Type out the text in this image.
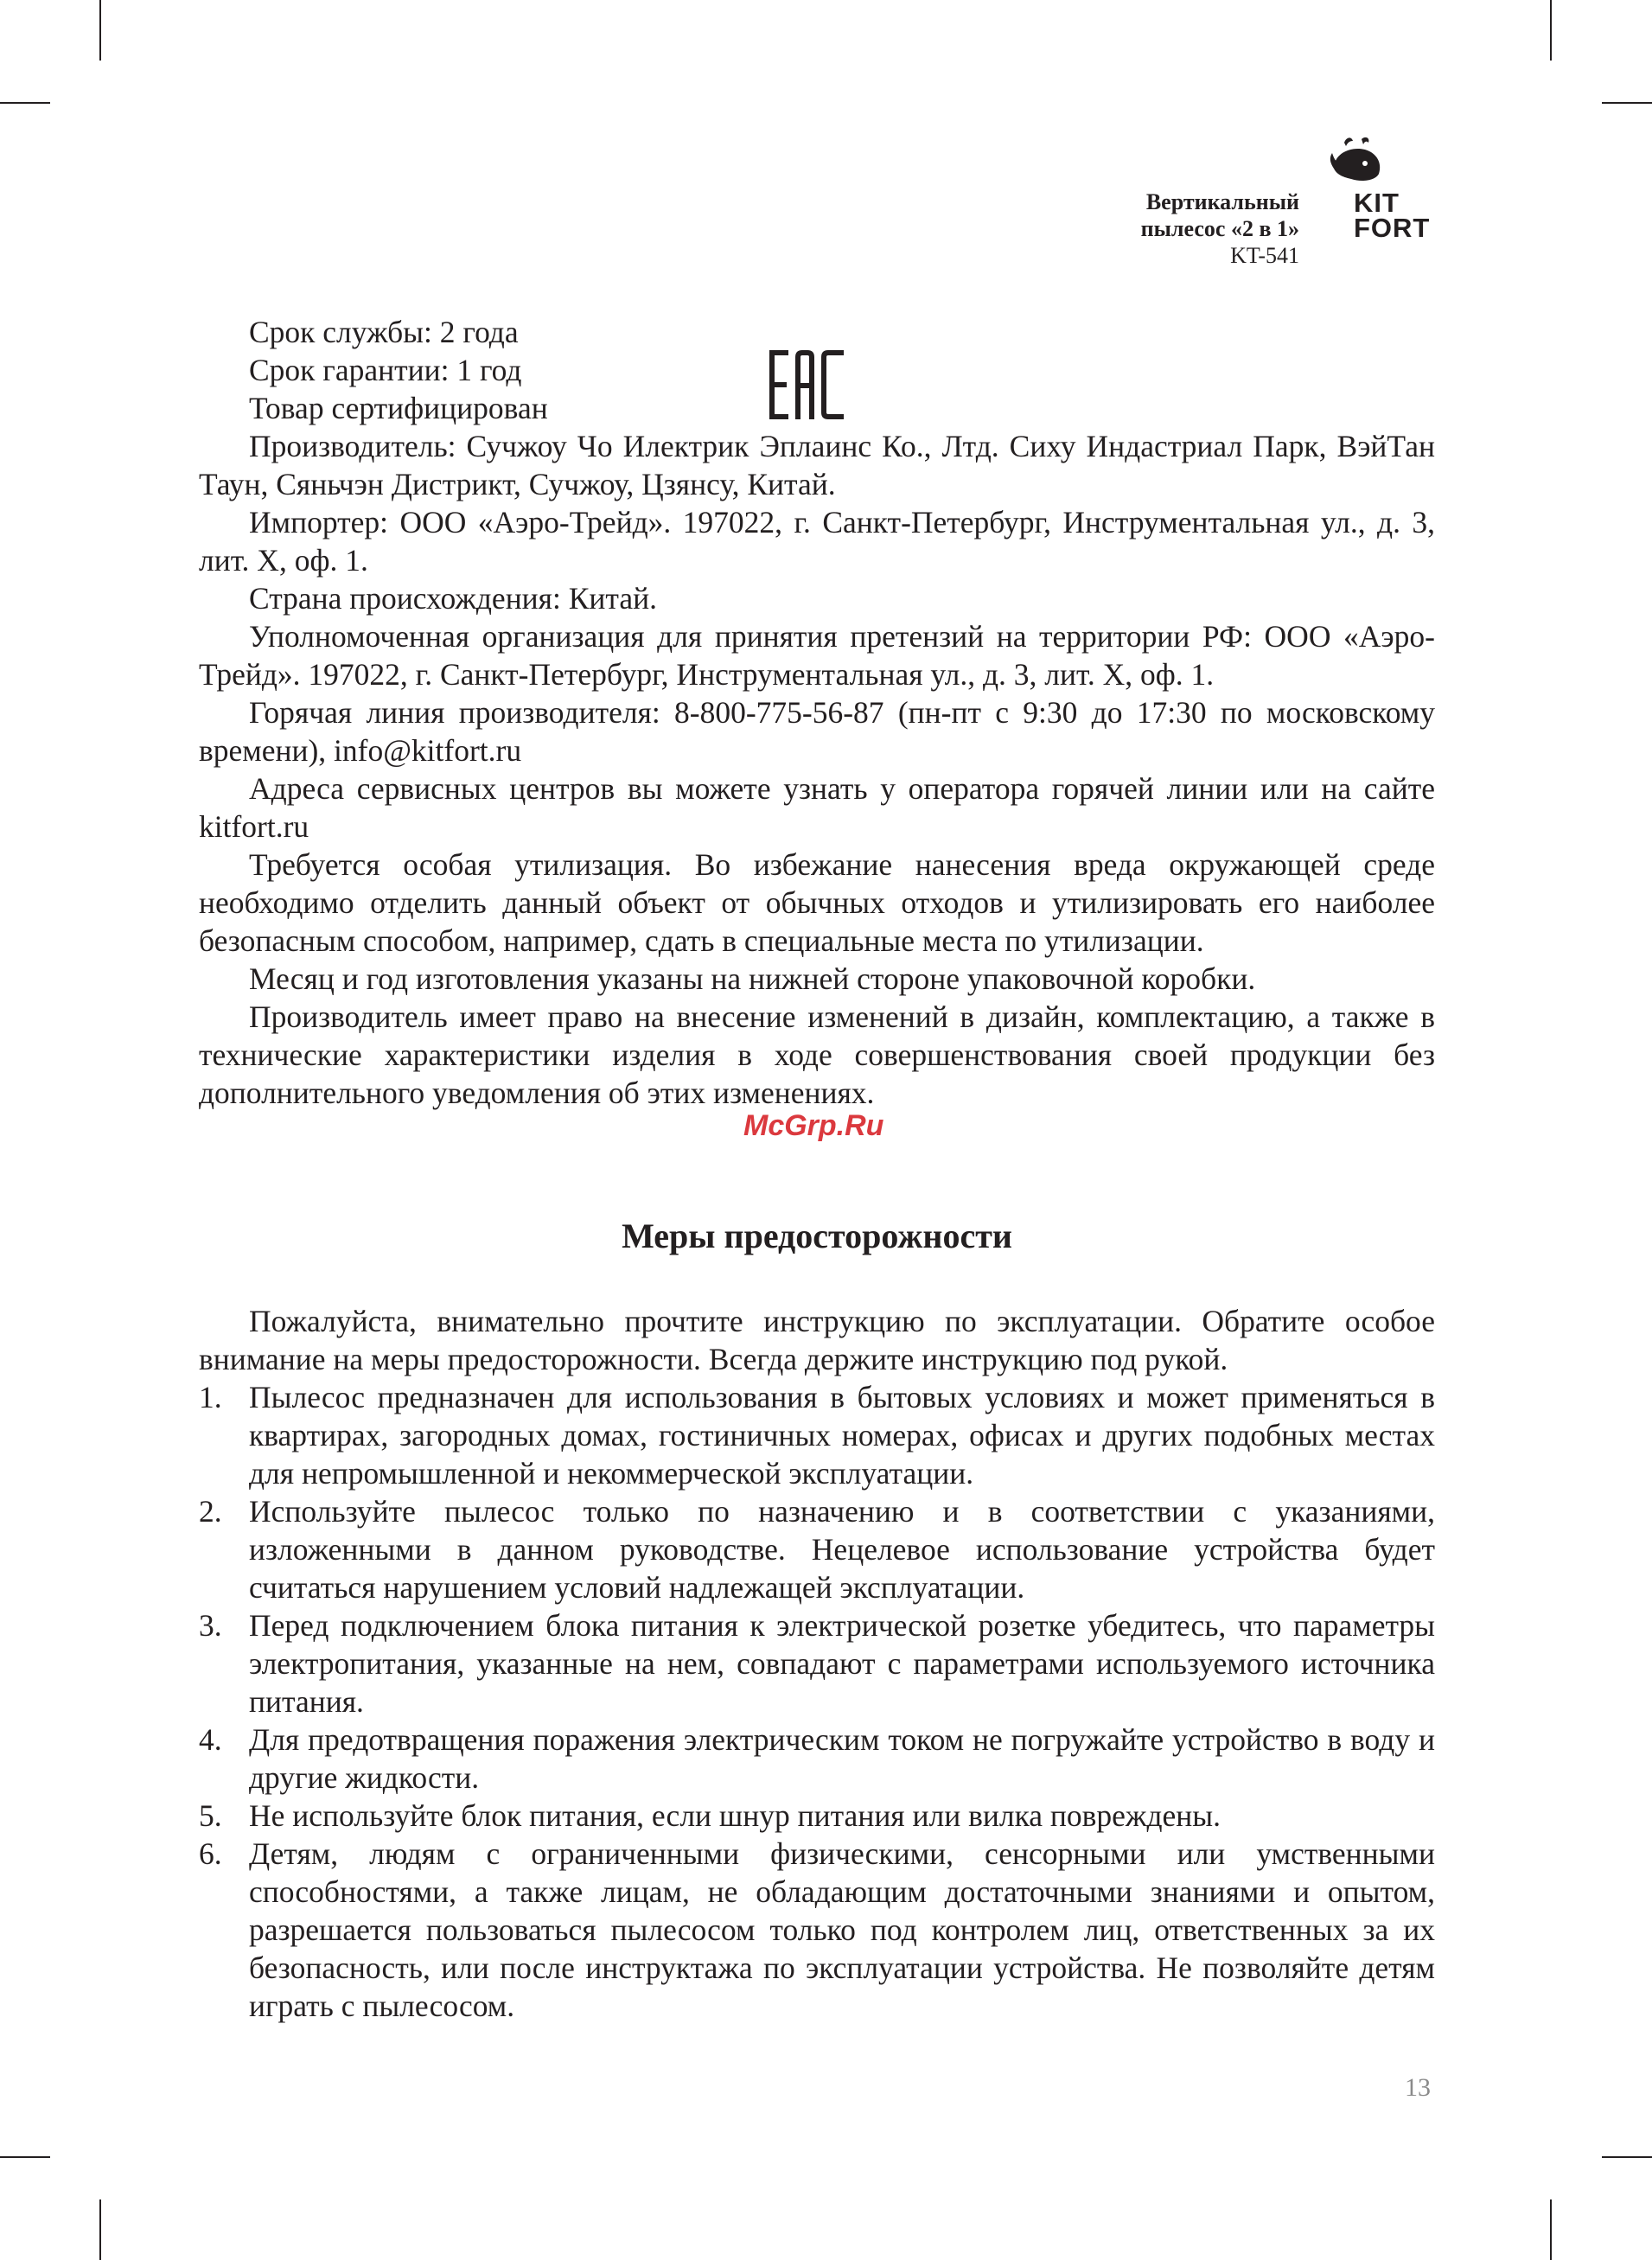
Вертикальный
пылесос «2 в 1»
KT-541
KIT
FORT

Срок службы: 2 года

Срок гарантии: 1 год

Товар сертифицирован

Производитель: Сучжоу Чо Илектрик Эплаинс Ко., Лтд. Сиху Индастриал Парк, ВэйТан Таун, Сяньчэн Дистрикт, Сучжоу, Цзянсу, Китай.

Импортер: ООО «Аэро-Трейд». 197022, г. Санкт-Петербург, Инструментальная ул., д. 3, лит. Х, оф. 1.

Страна происхождения: Китай.

Уполномоченная организация для принятия претензий на территории РФ: ООО «Аэро-Трейд». 197022, г. Санкт-Петербург, Инструментальная ул., д. 3, лит. Х, оф. 1.

Горячая линия производителя: 8-800-775-56-87 (пн-пт с 9:30 до 17:30 по московскому времени), info@kitfort.ru

Адреса сервисных центров вы можете узнать у оператора горячей линии или на сайте kitfort.ru

Требуется особая утилизация. Во избежание нанесения вреда окружающей среде необходимо отделить данный объект от обычных отходов и утилизировать его наиболее безопасным способом, например, сдать в специальные места по утилизации.

Месяц и год изготовления указаны на нижней стороне упаковочной коробки.

Производитель имеет право на внесение изменений в дизайн, комплектацию, а также в технические характеристики изделия в ходе совершенствования своей продукции без дополнительного уведомления об этих изменениях.

Меры предосторожности

Пожалуйста, внимательно прочтите инструкцию по эксплуатации. Обратите особое внимание на меры предосторожности. Всегда держите инструкцию под рукой.

1. Пылесос предназначен для использования в бытовых условиях и может применяться в квартирах, загородных домах, гостиничных номерах, офисах и других подобных местах для непромышленной и некоммерческой эксплуатации.
2. Используйте пылесос только по назначению и в соответствии с указаниями, изложенными в данном руководстве. Нецелевое использование устройства будет считаться нарушением условий надлежащей эксплуатации.
3. Перед подключением блока питания к электрической розетке убедитесь, что параметры электропитания, указанные на нем, совпадают с параметрами используемого источника питания.
4. Для предотвращения поражения электрическим током не погружайте устройство в воду и другие жидкости.
5. Не используйте блок питания, если шнур питания или вилка повреждены.
6. Детям, людям с ограниченными физическими, сенсорными или умственными способностями, а также лицам, не обладающим достаточными знаниями и опытом, разрешается пользоваться пылесосом только под контролем лиц, ответственных за их безопасность, или после инструктажа по эксплуатации устройства. Не позволяйте детям играть с пылесосом.
McGrp.Ru
13
